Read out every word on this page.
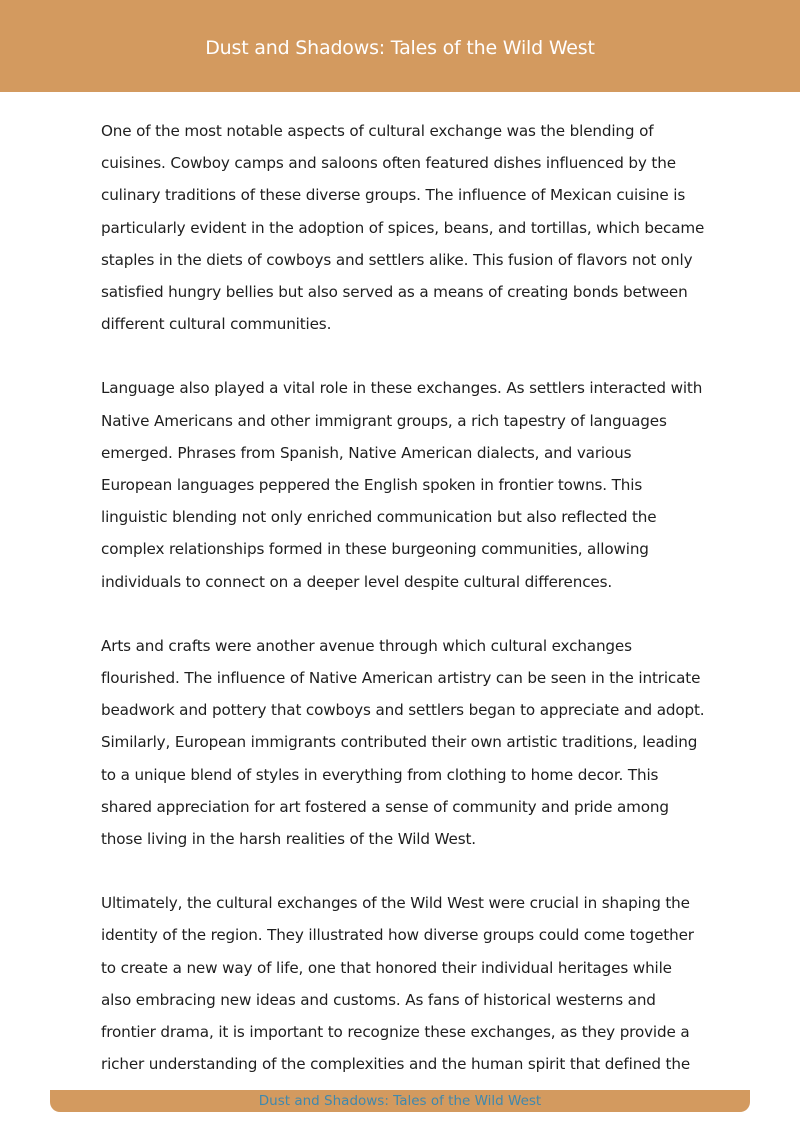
Dust and Shadows: Tales of the Wild West

One of the most notable aspects of cultural exchange was the blending of cuisines. Cowboy camps and saloons often featured dishes influenced by the culinary traditions of these diverse groups. The influence of Mexican cuisine is particularly evident in the adoption of spices, beans, and tortillas, which became staples in the diets of cowboys and settlers alike. This fusion of flavors not only satisfied hungry bellies but also served as a means of creating bonds between different cultural communities.

Language also played a vital role in these exchanges. As settlers interacted with Native Americans and other immigrant groups, a rich tapestry of languages emerged. Phrases from Spanish, Native American dialects, and various European languages peppered the English spoken in frontier towns. This linguistic blending not only enriched communication but also reflected the complex relationships formed in these burgeoning communities, allowing individuals to connect on a deeper level despite cultural differences.

Arts and crafts were another avenue through which cultural exchanges flourished. The influence of Native American artistry can be seen in the intricate beadwork and pottery that cowboys and settlers began to appreciate and adopt. Similarly, European immigrants contributed their own artistic traditions, leading to a unique blend of styles in everything from clothing to home decor. This shared appreciation for art fostered a sense of community and pride among those living in the harsh realities of the Wild West.

Ultimately, the cultural exchanges of the Wild West were crucial in shaping the identity of the region. They illustrated how diverse groups could come together to create a new way of life, one that honored their individual heritages while also embracing new ideas and customs. As fans of historical westerns and frontier drama, it is important to recognize these exchanges, as they provide a richer understanding of the complexities and the human spirit that defined the

Dust and Shadows: Tales of the Wild West
